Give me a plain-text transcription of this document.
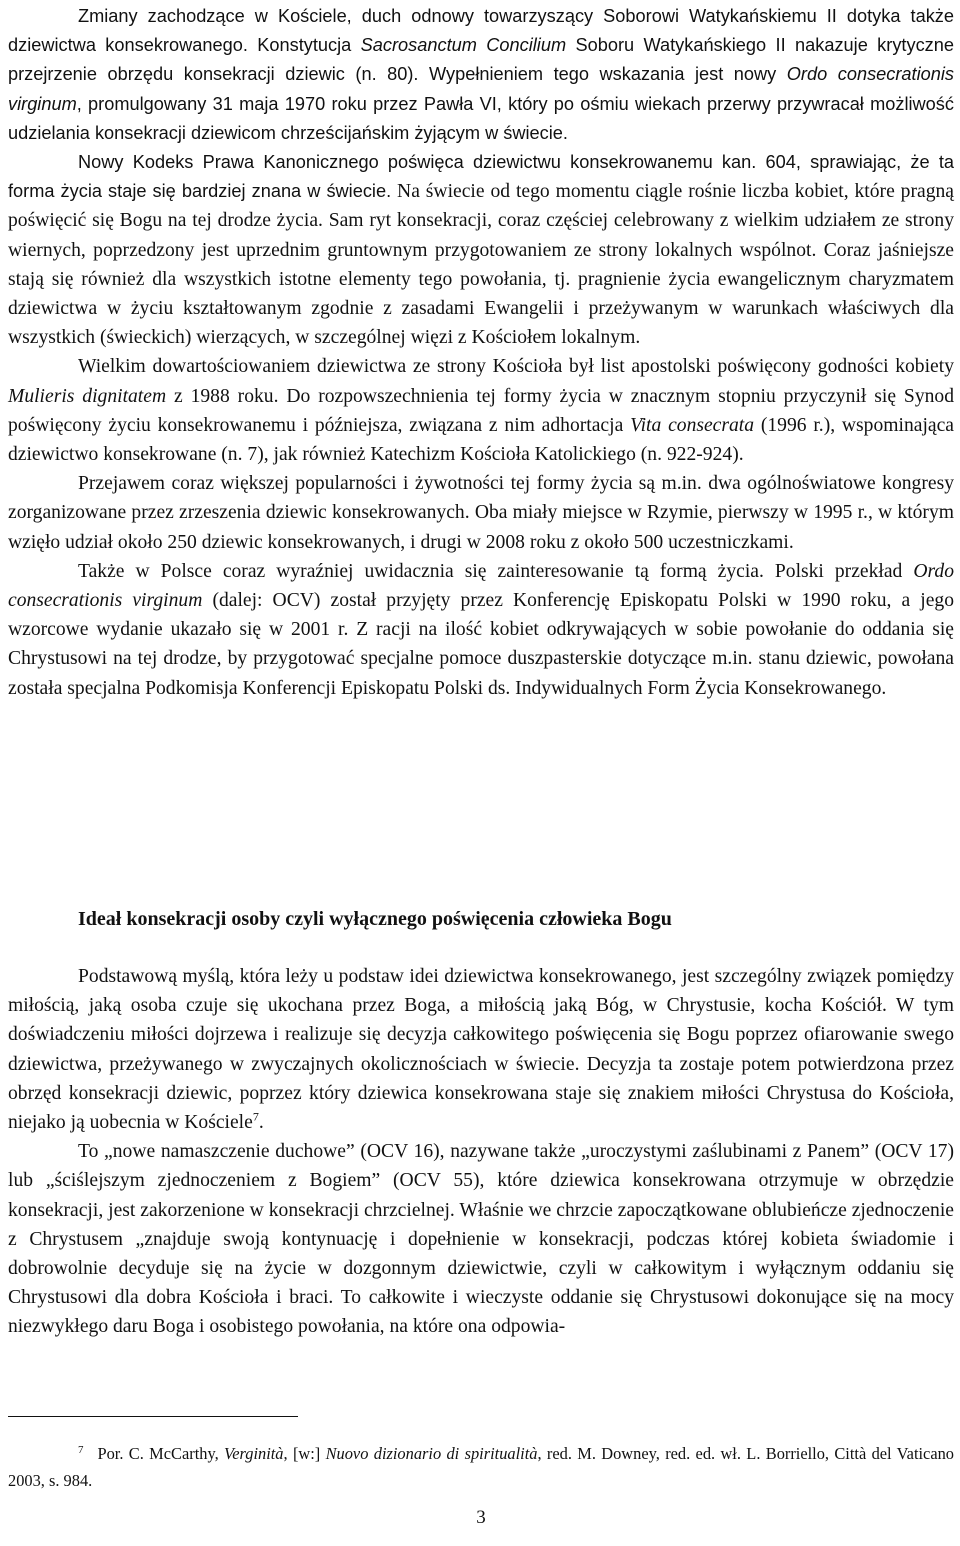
Zmiany zachodzące w Kościele, duch odnowy towarzyszący Soborowi Watykańskiemu II dotyka także dziewictwa konsekrowanego. Konstytucja Sacrosanctum Concilium Soboru Watykańskiego II nakazuje krytyczne przejrzenie obrzędu konsekracji dziewic (n. 80). Wypełnieniem tego wskazania jest nowy Ordo consecrationis virginum, promulgowany 31 maja 1970 roku przez Pawła VI, który po ośmiu wiekach przerwy przywracał możliwość udzielania konsekracji dziewicom chrześcijańskim żyjącym w świecie.

Nowy Kodeks Prawa Kanonicznego poświęca dziewictwu konsekrowanemu kan. 604, sprawiając, że ta forma życia staje się bardziej znana w świecie. Na świecie od tego momentu ciągle rośnie liczba kobiet, które pragną poświęcić się Bogu na tej drodze życia. Sam ryt konsekracji, coraz częściej celebrowany z wielkim udziałem ze strony wiernych, poprzedzony jest uprzednim gruntownym przygotowaniem ze strony lokalnych wspólnot. Coraz jaśniejsze stają się również dla wszystkich istotne elementy tego powołania, tj. pragnienie życia ewangelicznym charyzmatem dziewictwa w życiu kształtowanym zgodnie z zasadami Ewangelii i przeżywanym w warunkach właściwych dla wszystkich (świeckich) wierzących, w szczególnej więzi z Kościołem lokalnym.

Wielkim dowartościowaniem dziewictwa ze strony Kościoła był list apostolski poświęcony godności kobiety Mulieris dignitatem z 1988 roku. Do rozpowszechnienia tej formy życia w znacznym stopniu przyczynił się Synod poświęcony życiu konsekrowanemu i późniejsza, związana z nim adhortacja Vita consecrata (1996 r.), wspominająca dziewictwo konsekrowane (n. 7), jak również Katechizm Kościoła Katolickiego (n. 922-924).

Przejawem coraz większej popularności i żywotności tej formy życia są m.in. dwa ogólnoświatowe kongresy zorganizowane przez zrzeszenia dziewic konsekrowanych. Oba miały miejsce w Rzymie, pierwszy w 1995 r., w którym wzięło udział około 250 dziewic konsekrowanych, i drugi w 2008 roku z około 500 uczestniczkami.

Także w Polsce coraz wyraźniej uwidacznia się zainteresowanie tą formą życia. Polski przekład Ordo consecrationis virginum (dalej: OCV) został przyjęty przez Konferencję Episkopatu Polski w 1990 roku, a jego wzorcowe wydanie ukazało się w 2001 r. Z racji na ilość kobiet odkrywających w sobie powołanie do oddania się Chrystusowi na tej drodze, by przygotować specjalne pomoce duszpasterskie dotyczące m.in. stanu dziewic, powołana została specjalna Podkomisja Konferencji Episkopatu Polski ds. Indywidualnych Form Życia Konsekrowanego.

Ideał konsekracji osoby czyli wyłącznego poświęcenia człowieka Bogu

Podstawową myślą, która leży u podstaw idei dziewictwa konsekrowanego, jest szczególny związek pomiędzy miłością, jaką osoba czuje się ukochana przez Boga, a miłością jaką Bóg, w Chrystusie, kocha Kościół. W tym doświadczeniu miłości dojrzewa i realizuje się decyzja całkowitego poświęcenia się Bogu poprzez ofiarowanie swego dziewictwa, przeżywanego w zwyczajnych okolicznościach w świecie. Decyzja ta zostaje potem potwierdzona przez obrzęd konsekracji dziewic, poprzez który dziewica konsekrowana staje się znakiem miłości Chrystusa do Kościoła, niejako ją uobecnia w Kościele$^7$.

To „nowe namaszczenie duchowe” (OCV 16), nazywane także „uroczystymi zaślubinami z Panem” (OCV 17) lub „ściślejszym zjednoczeniem z Bogiem” (OCV 55), które dziewica konsekrowana otrzymuje w obrzędzie konsekracji, jest zakorzenione w konsekracji chrzcielnej. Właśnie we chrzcie zapoczątkowane oblubieńcze zjednoczenie z Chrystusem „znajduje swoją kontynuację i dopełnienie w konsekracji, podczas której kobieta świadomie i dobrowolnie decyduje się na życie w dozgonnym dziewictwie, czyli w całkowitym i wyłącznym oddaniu się Chrystusowi dla dobra Kościoła i braci. To całkowite i wieczyste oddanie się Chrystusowi dokonujące się na mocy niezwykłego daru Boga i osobistego powołania, na które ona odpowia-

$^7$ Por. C. McCarthy, Verginità, [w:] Nuovo dizionario di spiritualità, red. M. Downey, red. ed. wł. L. Borriello, Città del Vaticano 2003, s. 984.

3
